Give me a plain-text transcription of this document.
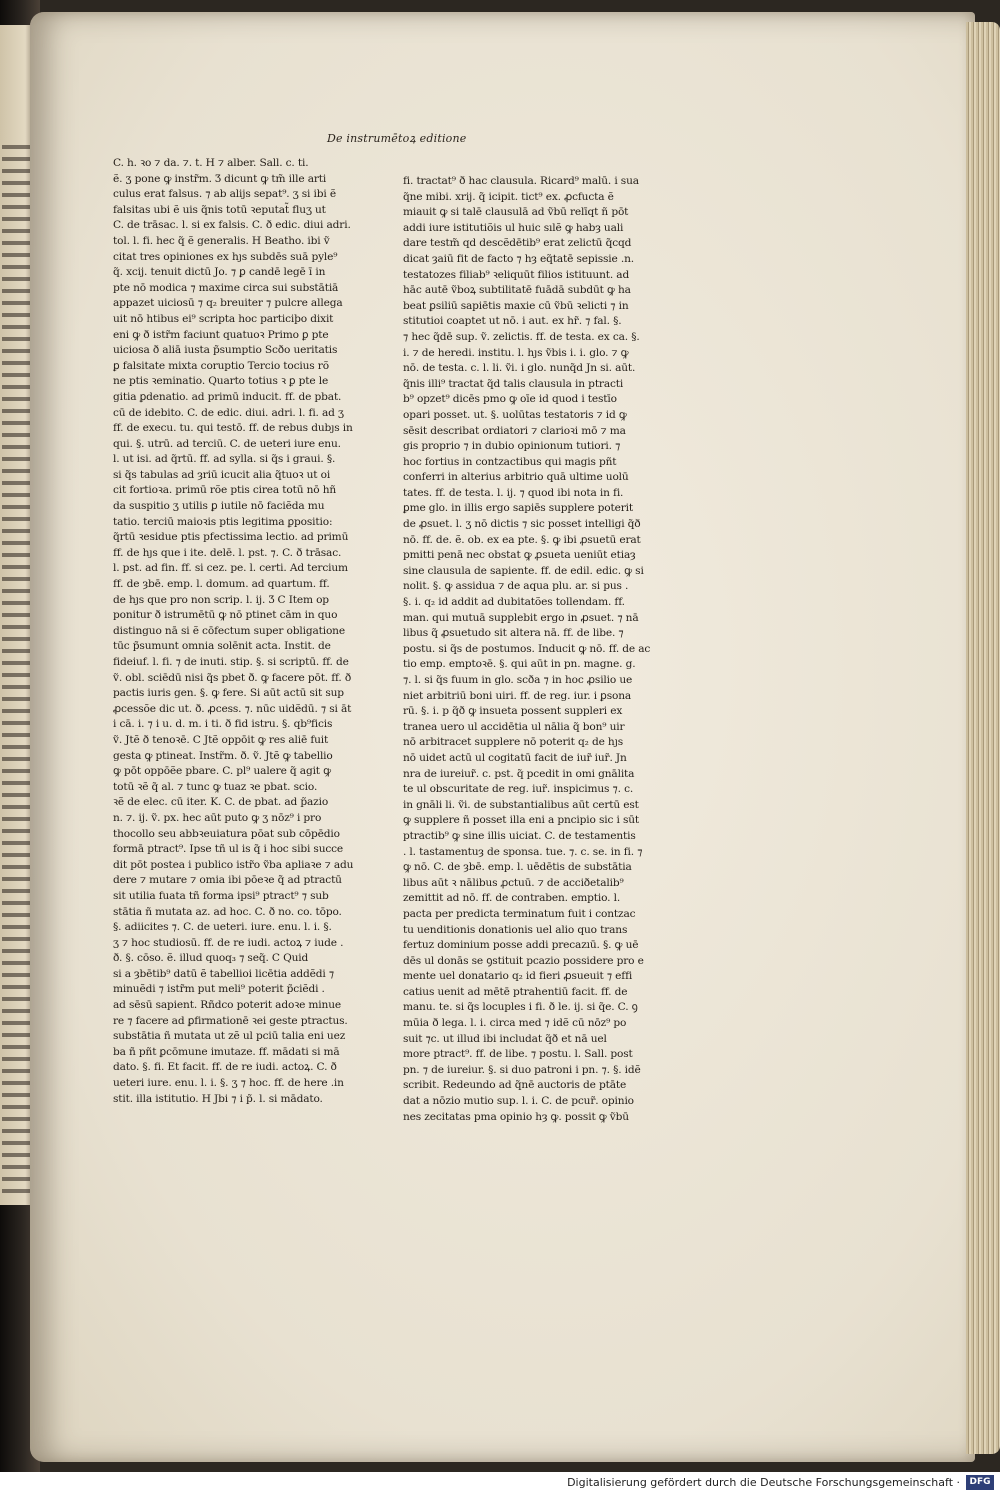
De instrumētoꝝ editione
C. h. ꝛo ⁊ da. ⁊. t. H ⁊ alber. Sall. c. ti.
ẽ. ʒ pone ꝙ instr̃m. Ʒ dicunt ꝙ tm̃ ille arti
culus erat falsus. ⁊ ab alijs sepat⁹. ʒ si ibi ẽ
falsitas ubi ẽ uis q̃nis totū ꝛeputat̃ fluʒ ut
C. de trāsac. l. si ex falsis. C. ð edic. diui adri.
tol. l. fi. hec q̃ ẽ generalis. H Beatho. ibi ṽ
citat tres opiniones ex hȷs subdēs suā pyle⁹
q̃. xcij. tenuit dictū Jo. ⁊ ꝑ candē legē ī in
pte nō modica ⁊ maxime circa sui substātiā
appazet uiciosū ⁊ q₂ breuiter ⁊ pulcre allega
uit nō htibus ei⁹ scripta hoc particiþo dixit
eni ꝙ ð istr̃m faciunt quatuoꝛ Primo ꝑ pte
uiciosa ð aliā iusta p̃sumptio Scðo ueritatis
ꝑ falsitate mixta coruptio Tercio tocius rõ
ne ptis ꝛeminatio. Quarto totius ꝛ ꝑ pte le
gitia ꝑdenatio. ad primū inducit. ff. de pbat.
cū de idebito. C. de edic. diui. adri. l. fi. ad ʒ
ff. de execu. tu. qui testō. ff. de rebus dubȷs in
qui. §. utrū. ad terciū. C. de ueteri iure enu.
l. ut isi. ad q̃rtū. ff. ad sylla. si q̃s i graui. §.
si q̃s tabulas ad ȝriū icucit alia q̃tuoꝛ ut oi
cit fortioꝛa. primū rõe ptis cirea totū nō hñ
da suspitio ʒ utilis ꝑ iutile nō faciẽda mu
tatio. terciū maioꝛis ptis legitima ꝑpositio:
q̃rtū ꝛesidue ptis pfectissima lectio. ad primū
ff. de hȷs que i ite. delē. l. pst. ⁊. C. ð trāsac.
l. pst. ad fin. ff. si cez. pe. l. certi. Ad tercium
ff. de ȝbē. emp. l. domum. ad quartum. ff.
de hȷs que pro non scrip. l. ij. Ʒ C Item op
ponitur ð istrumētū ꝙ nō ptinet cām in quo
distinguo nā si ẽ cōfectum super obligatione
tūc p̃sumunt omnia solēnit acta. Instit. de
fideiuf. l. fi. ⁊ de inuti. stip. §. si scriptū. ff. de
ṽ. obl. sciēdū nisi q̃s pbet ð. ꝙ facere pōt. ff. ð
pactis iuris gen. §. ꝙ fere. Si aūt actū sit sup
ꝓcessõe dic ut. ð. ꝓcess. ⁊. nūc uidẽdū. ⁊ si āt
i cā. i. ⁊ i u. d. m. i ti. ð fid istru. §. qb⁹ficis
ṽ. Jtẽ ð tenoꝛē. C Jtẽ oppōit ꝙ res aliē fuit
gesta ꝙ ptineat. Instr̃m. ð. ṽ. Jtẽ ꝙ tabellio
ꝙ pōt oppōẽe pbare. C. pl⁹ ualere q̃ agit ꝙ
totū ꝛẽ q̃ al. ⁊ tunc ꝙ tuaz ꝛe pbat. scio.
ꝛẽ de elec. cū iter. K. C. de pbat. ad p̃azio
n. ⁊. ij. ṽ. px. hec aūt puto ꝙ ʒ nōz⁹ i pro
thocollo seu abbꝛeuiatura pōat sub cōpēdio
formā ptract⁹. Ipse tñ ul is q̃ i hoc sibi succe
dit pōt postea i publico istr̃o ṽba apliaꝛe ⁊ adu
dere ⁊ mutare ⁊ omia ibi pōeꝛe q̃ ad ptractū
sit utilia fuata tñ forma ipsi⁹ ptract⁹ ⁊ sub
stātia ñ mutata az. ad hoc. C. ð no. co. tōpo.
§. adiicites ⁊. C. de ueteri. iure. enu. l. i. §.
ʒ ⁊ hoc studiosū. ff. de re iudi. actoꝝ ⁊ iude .
ð. §. cōso. ẽ. illud quoq₃ ⁊ seq̃. C Quid
si a ȝbētib⁹ datū ẽ tabellioi licētia addẽdi ⁊
minuẽdi ⁊ istr̃m put meli⁹ poterit p̃ciẽdi .
ad sēsū sapient. Rñdco poterit adoꝛe minue
re ⁊ facere ad ꝑfirmationē ꝛei geste ptractus.
substātia ñ mutata ut zẽ ul pciū talia eni uez
ba ñ pñt ꝑcōmune imutaze. ff. mādati si mā
dato. §. fi. Et facit. ff. de re iudi. actoꝝ. C. ð
ueteri iure. enu. l. i. §. ʒ ⁊ hoc. ff. de here .in
stit. illa istitutio. H Jbi ⁊ i p̃. l. si mādato.
fi. tractat⁹ ð hac clausula. Ricard⁹ malū. i sua
q̃ne mibi. xrij. q̃ icipit. tict⁹ ex. ꝓcfucta ẽ
miauit ꝙ si talē clausulā ad ṽbū relīqt ñ pōt
addi iure istitutiõis ul huic sılẽ ꝙ habȝ uali
dare testm̃ qd descẽdētib⁹ erat zelictū q̃cqd
dicat ȝaiū fit de facto ⁊ hȝ eq̃tatē sepissie .n.
testatozes filiab⁹ ꝛeliquūt filios istituunt. ad
hāc autē ṽboꝝ subtilitatē fuādā subdūt ꝙ ha
beat ꝑsiliū sapiētis maxie cū ṽbū ꝛelicti ⁊ in
stitutioi coaptet ut nō. i aut. ex hr̃. ⁊ fal. §.
⁊ hec q̃dē sup. ṽ. zelictis. ff. de testa. ex ca. §.
i. ⁊ de heredi. institu. l. hȷs ṽbis i. i. glo. ⁊ ꝙ
nō. de testa. c. l. li. ṽi. i glo. nunq̃d Jn si. aūt.
q̃nis illi⁹ tractat q̃d talis clausula in ptracti
b⁹ opzet⁹ dicēs pmo ꝙ oīe id quod i testīo
opari posset. ut. §. uolūtas testatoris ⁊ id ꝙ
sēsit describat ordiatori ⁊ clarioꝛi mō ⁊ ma
gis proprio ⁊ in dubio opinionum tutiori. ⁊
hoc fortius in contzactibus qui magis pñt
conferri in alterius arbitrio quā ultime uolū
tates. ff. de testa. l. ij. ⁊ quod ibi nota in fi.
ꝑme glo. in illis ergo sapiēs supplere poterit
de ꝓsuet. l. ʒ nō dictis ⁊ sic posset intelligi q̃ð
nō. ff. de. ẽ. ob. ex ea pte. §. ꝙ ibi ꝓsuetū erat
pmitti penā nec obstat ꝙ ꝓsueta ueniūt etiaȝ
sine clausula de sapiente. ff. de edil. edic. ꝙ si
nolit. §. ꝙ assidua ⁊ de aqua plu. ar. si pus .
§. i. q₂ id addit ad dubitatões tollendam. ff.
man. qui mutuā supplebit ergo in ꝓsuet. ⁊ nā
libus q̃ ꝓsuetudo sit altera nā. ff. de libe. ⁊
postu. si q̃s de postumos. Inducit ꝙ nō. ff. de ac
tio emp. emptoꝛē. §. qui aūt in pn. magne. g.
⁊. l. si q̃s fuum in glo. scða ⁊ in hoc ꝓsilio ue
niet arbitriū boni uiri. ff. de reg. iur. i ꝑsona
rū. §. i. p q̃ð ꝙ insueta possent suppleri ex
tranea uero ul accidētia ul nālia q̃ bon⁹ uir
nō arbitracet supplere nō poterit q₂ de hȷs
nō uidet actū ul cogitatū facit de iur̃ iur̃. Jn
nra de iureiur̃. c. pst. q̃ pcedit in omi gnālita
te ul obscuritate de reg. iur̃. inspicimus ⁊. c.
in gnāli li. ṽi. de substantialibus aūt certū est
ꝙ supplere ñ posset illa eni a pncipio sic i sūt
ptractib⁹ ꝙ sine illis uiciat. C. de testamentis
. l. tastamentuȝ de sponsa. tue. ⁊. c. se. in fi. ⁊
ꝙ nō. C. de ȝbē. emp. l. uēdētis de substātia
libus aūt ꝛ nālibus ꝓctuū. ⁊ de acciðetalib⁹
zemittit ad nō. ff. de contraben. emptio. l.
pacta per predicta terminatum fuit i contzac
tu uenditionis donationis uel alio quo trans
fertuz dominium posse addi precazıū. §. ꝙ uē
dēs ul donās se ꝯstituit pcazio possidere pro e
mente uel donatario q₂ id fieri ꝓsueuit ⁊ effi
catius uenit ad mētē ptrahentiū facit. ff. de
manu. te. si q̃s locuples i fi. ð le. ij. si q̃e. C. ꝯ
mūia ð lega. l. i. circa med ⁊ idẽ cū nōz⁹ po
suit ⁊c. ut illud ibi includat q̃ð et nā uel
more ptract⁹. ff. de libe. ⁊ postu. l. Sall. post
pn. ⁊ de iureiur. §. si duo patroni i pn. ⁊. §. idẽ
scribit. Redeundo ad q̃nē auctoris de ptāte
dat a nōzio mutio sup. l. i. C. de pcur̃. opinio
nes zecitatas pma opinio hȝ ꝙ. possit ꝙ ṽbū
Digitalisierung gefördert durch die Deutsche Forschungsgemeinschaft ·	DFG
